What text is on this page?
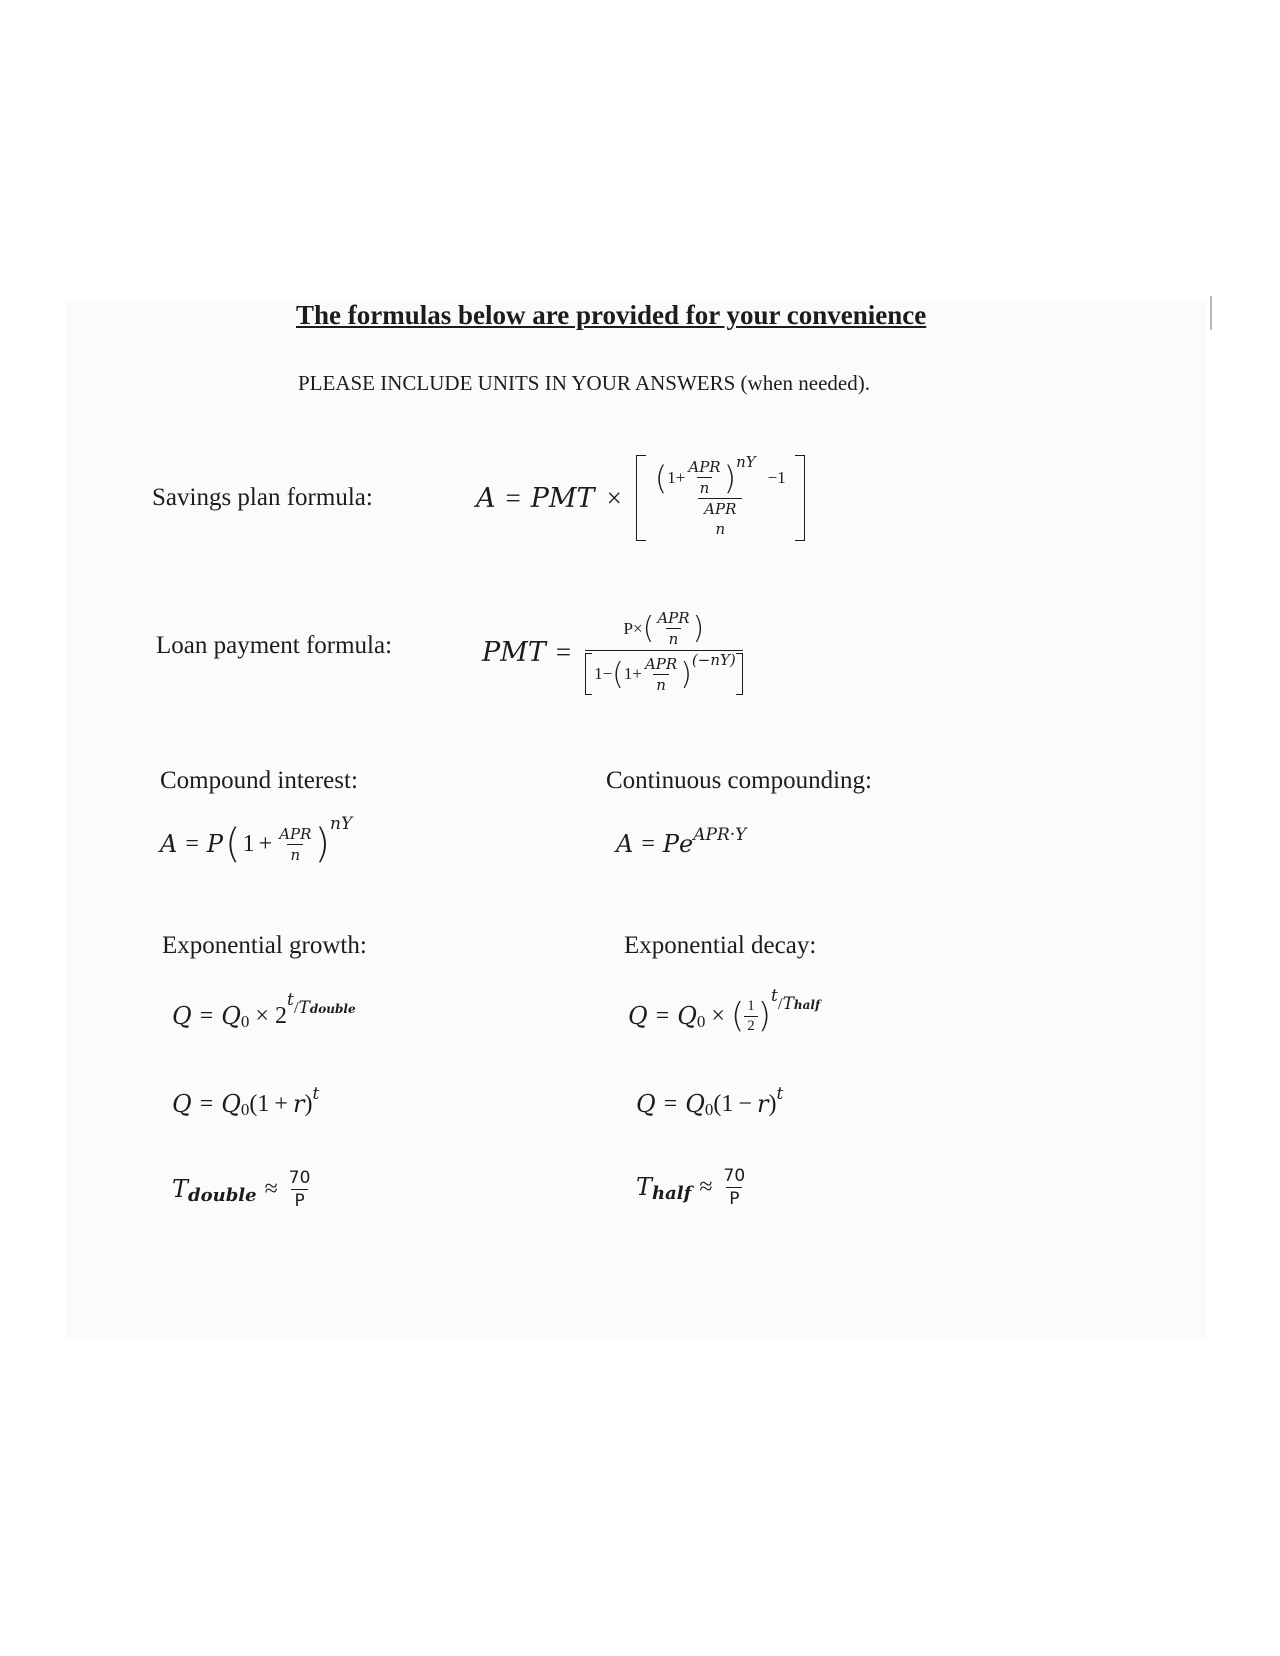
The formulas below are provided for your convenience
PLEASE INCLUDE UNITS IN YOUR ANSWERS (when needed).
Savings plan formula:	A = PMT ×
( $1+ \frac{\text{APR}}{n}$ ) nY
−1
APR
n
Loan payment formula:	PMT =
P× ( $\frac{\text{APR}}{n}$ )
1− ( $1+ \frac{\text{APR}}{n}$ ) (−nY)
Compound interest:
A = P ( $1 + \frac{\text{APR}}{n}$ ) nY
Continuous compounding:
A = P e APR·Y
Exponential growth:
Q = Q 0 × 2
t / T double
Q = Q 0 ( 1 + r ) t
T double ≈ $\frac{70}{P}$
Exponential decay:
Q = Q 0 × ( $\frac{1}{2}$ ) t / T half
Q = Q 0 ( 1 − r ) t
T half ≈ $\frac{70}{P}$
